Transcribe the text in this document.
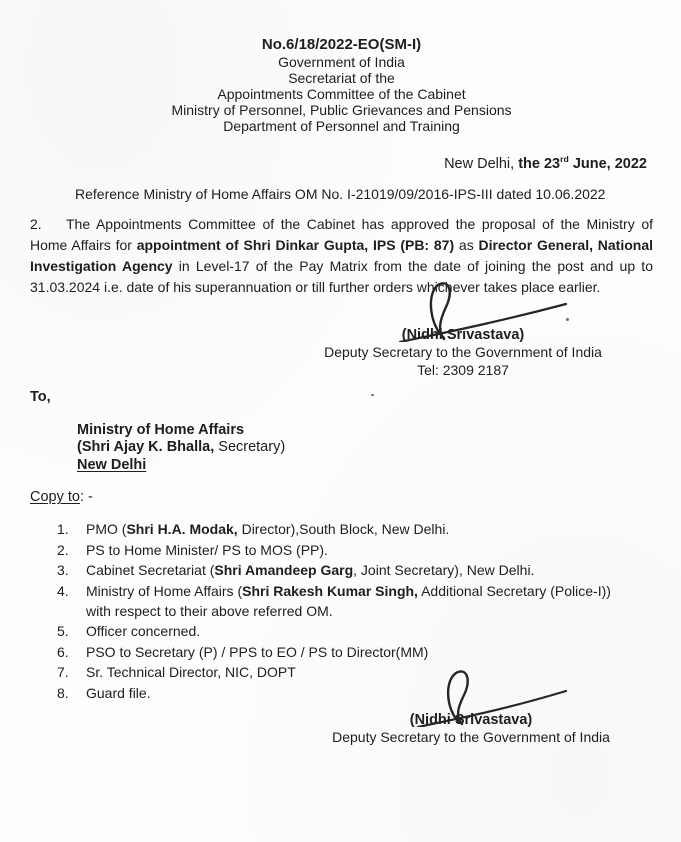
No.6/18/2022-EO(SM-I)
Government of India
Secretariat of the
Appointments Committee of the Cabinet
Ministry of Personnel, Public Grievances and Pensions
Department of Personnel and Training
New Delhi, the 23rd June, 2022
Reference Ministry of Home Affairs OM No. I-21019/09/2016-IPS-III dated 10.06.2022
2. The Appointments Committee of the Cabinet has approved the proposal of the Ministry of Home Affairs for appointment of Shri Dinkar Gupta, IPS (PB: 87) as Director General, National Investigation Agency in Level-17 of the Pay Matrix from the date of joining the post and up to 31.03.2024 i.e. date of his superannuation or till further orders whichever takes place earlier.
(Nidhi Srivastava)
Deputy Secretary to the Government of India
Tel: 2309 2187
To,
Ministry of Home Affairs
(Shri Ajay K. Bhalla, Secretary)
New Delhi
Copy to: -
1.	PMO (Shri H.A. Modak, Director),South Block, New Delhi.
2.	PS to Home Minister/ PS to MOS (PP).
3.	Cabinet Secretariat (Shri Amandeep Garg, Joint Secretary), New Delhi.
4.	Ministry of Home Affairs (Shri Rakesh Kumar Singh, Additional Secretary (Police-I))
with respect to their above referred OM.
5.	Officer concerned.
6.	PSO to Secretary (P) / PPS to EO / PS to Director(MM)
7.	Sr. Technical Director, NIC, DOPT
8.	Guard file.
(Nidhi Srivastava)
Deputy Secretary to the Government of India
